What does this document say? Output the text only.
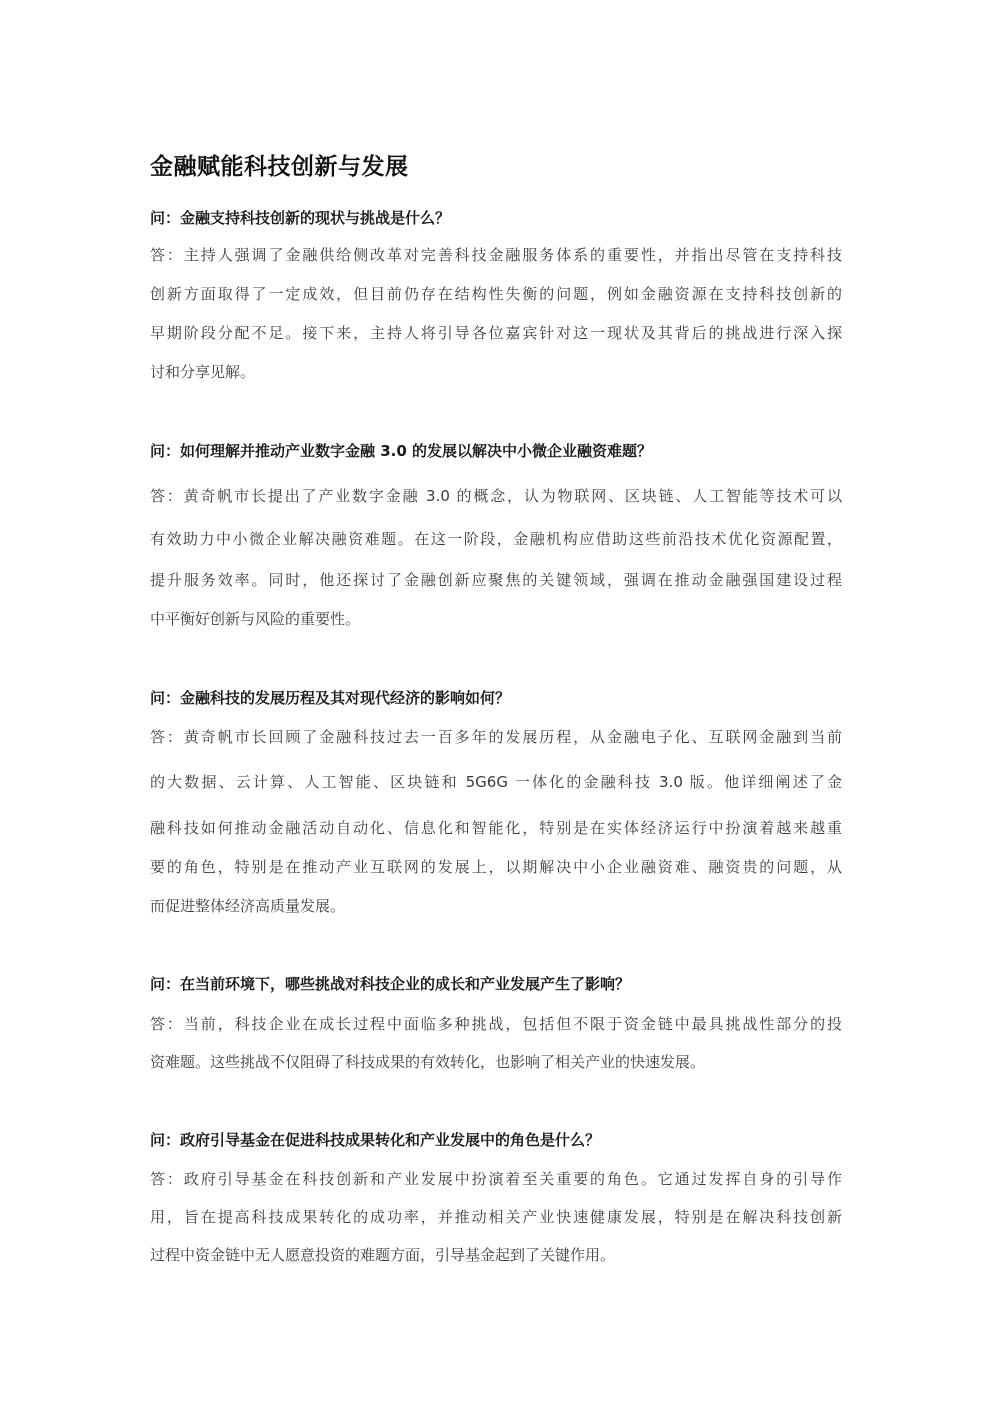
金融赋能科技创新与发展
问：金融支持科技创新的现状与挑战是什么？
答：主持人强调了金融供给侧改革对完善科技金融服务体系的重要性，并指出尽管在支持科技
创新方面取得了一定成效，但目前仍存在结构性失衡的问题，例如金融资源在支持科技创新的
早期阶段分配不足。接下来，主持人将引导各位嘉宾针对这一现状及其背后的挑战进行深入探
讨和分享见解。
问：如何理解并推动产业数字金融 3.0 的发展以解决中小微企业融资难题？
答：黄奇帆市长提出了产业数字金融 3.0 的概念，认为物联网、区块链、人工智能等技术可以
有效助力中小微企业解决融资难题。在这一阶段，金融机构应借助这些前沿技术优化资源配置，
提升服务效率。同时，他还探讨了金融创新应聚焦的关键领域，强调在推动金融强国建设过程
中平衡好创新与风险的重要性。
问：金融科技的发展历程及其对现代经济的影响如何？
答：黄奇帆市长回顾了金融科技过去一百多年的发展历程，从金融电子化、互联网金融到当前
的大数据、云计算、人工智能、区块链和 5G6G 一体化的金融科技 3.0 版。他详细阐述了金
融科技如何推动金融活动自动化、信息化和智能化，特别是在实体经济运行中扮演着越来越重
要的角色，特别是在推动产业互联网的发展上，以期解决中小企业融资难、融资贵的问题，从
而促进整体经济高质量发展。
问：在当前环境下，哪些挑战对科技企业的成长和产业发展产生了影响？
答：当前，科技企业在成长过程中面临多种挑战，包括但不限于资金链中最具挑战性部分的投
资难题。这些挑战不仅阻碍了科技成果的有效转化，也影响了相关产业的快速发展。
问：政府引导基金在促进科技成果转化和产业发展中的角色是什么？
答：政府引导基金在科技创新和产业发展中扮演着至关重要的角色。它通过发挥自身的引导作
用，旨在提高科技成果转化的成功率，并推动相关产业快速健康发展，特别是在解决科技创新
过程中资金链中无人愿意投资的难题方面，引导基金起到了关键作用。
